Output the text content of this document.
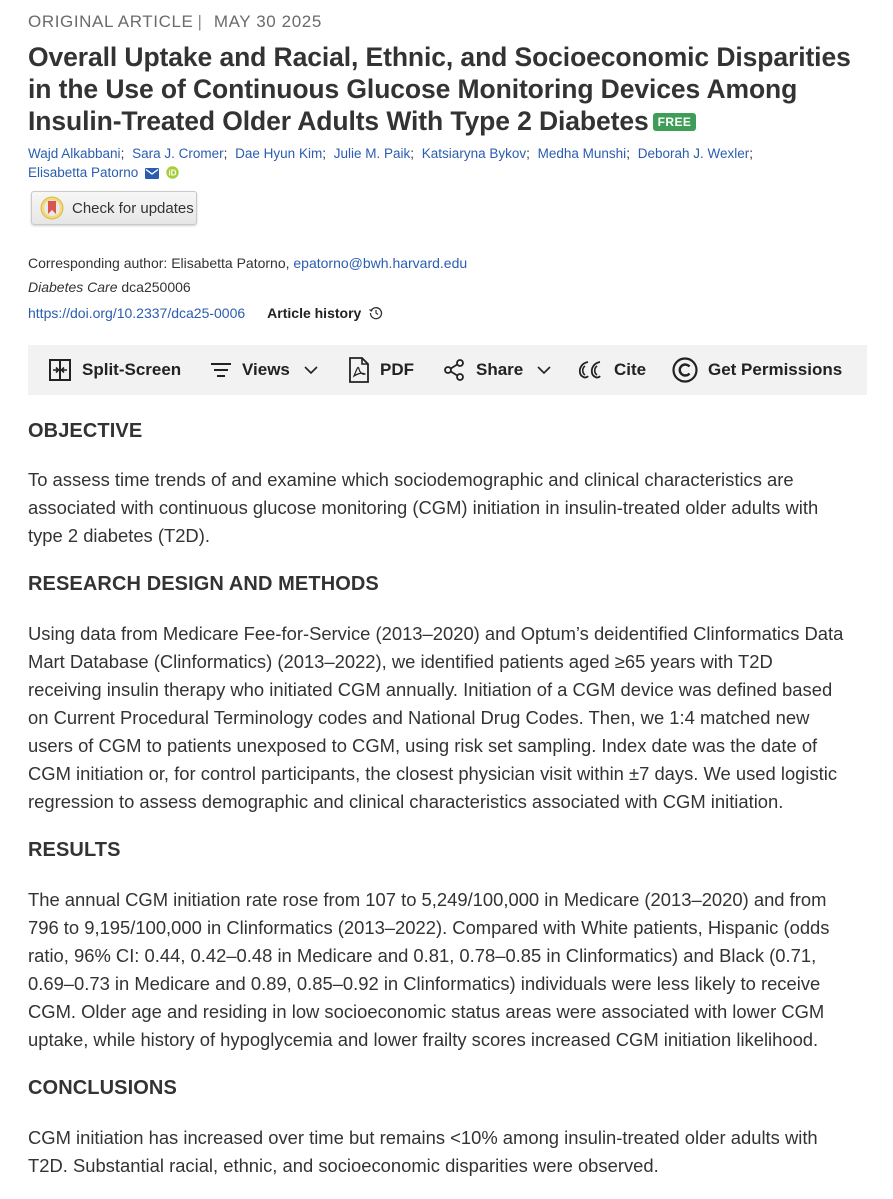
ORIGINAL ARTICLE | MAY 30 2025
Overall Uptake and Racial, Ethnic, and Socioeconomic Disparities in the Use of Continuous Glucose Monitoring Devices Among Insulin-Treated Older Adults With Type 2 Diabetes FREE
Wajd Alkabbani; Sara J. Cromer; Dae Hyun Kim; Julie M. Paik; Katsiaryna Bykov; Medha Munshi; Deborah J. Wexler;
Elisabetta Patorno	iD
Check for updates
Corresponding author: Elisabetta Patorno, epatorno@bwh.harvard.edu
Diabetes Care dca250006
https://doi.org/10.2337/dca25-0006 Article history
Split-Screen	Views	PDF	Share	Cite	Get Permissions
OBJECTIVE
To assess time trends of and examine which sociodemographic and clinical characteristics are
associated with continuous glucose monitoring (CGM) initiation in insulin-treated older adults with
type 2 diabetes (T2D).
RESEARCH DESIGN AND METHODS
Using data from Medicare Fee-for-Service (2013–2020) and Optum’s deidentified Clinformatics Data
Mart Database (Clinformatics) (2013–2022), we identified patients aged ≥65 years with T2D
receiving insulin therapy who initiated CGM annually. Initiation of a CGM device was defined based
on Current Procedural Terminology codes and National Drug Codes. Then, we 1:4 matched new
users of CGM to patients unexposed to CGM, using risk set sampling. Index date was the date of
CGM initiation or, for control participants, the closest physician visit within ±7 days. We used logistic
regression to assess demographic and clinical characteristics associated with CGM initiation.
RESULTS
The annual CGM initiation rate rose from 107 to 5,249/100,000 in Medicare (2013–2020) and from
796 to 9,195/100,000 in Clinformatics (2013–2022). Compared with White patients, Hispanic (odds
ratio, 96% CI: 0.44, 0.42–0.48 in Medicare and 0.81, 0.78–0.85 in Clinformatics) and Black (0.71,
0.69–0.73 in Medicare and 0.89, 0.85–0.92 in Clinformatics) individuals were less likely to receive
CGM. Older age and residing in low socioeconomic status areas were associated with lower CGM
uptake, while history of hypoglycemia and lower frailty scores increased CGM initiation likelihood.
CONCLUSIONS
CGM initiation has increased over time but remains <10% among insulin-treated older adults with
T2D. Substantial racial, ethnic, and socioeconomic disparities were observed.
